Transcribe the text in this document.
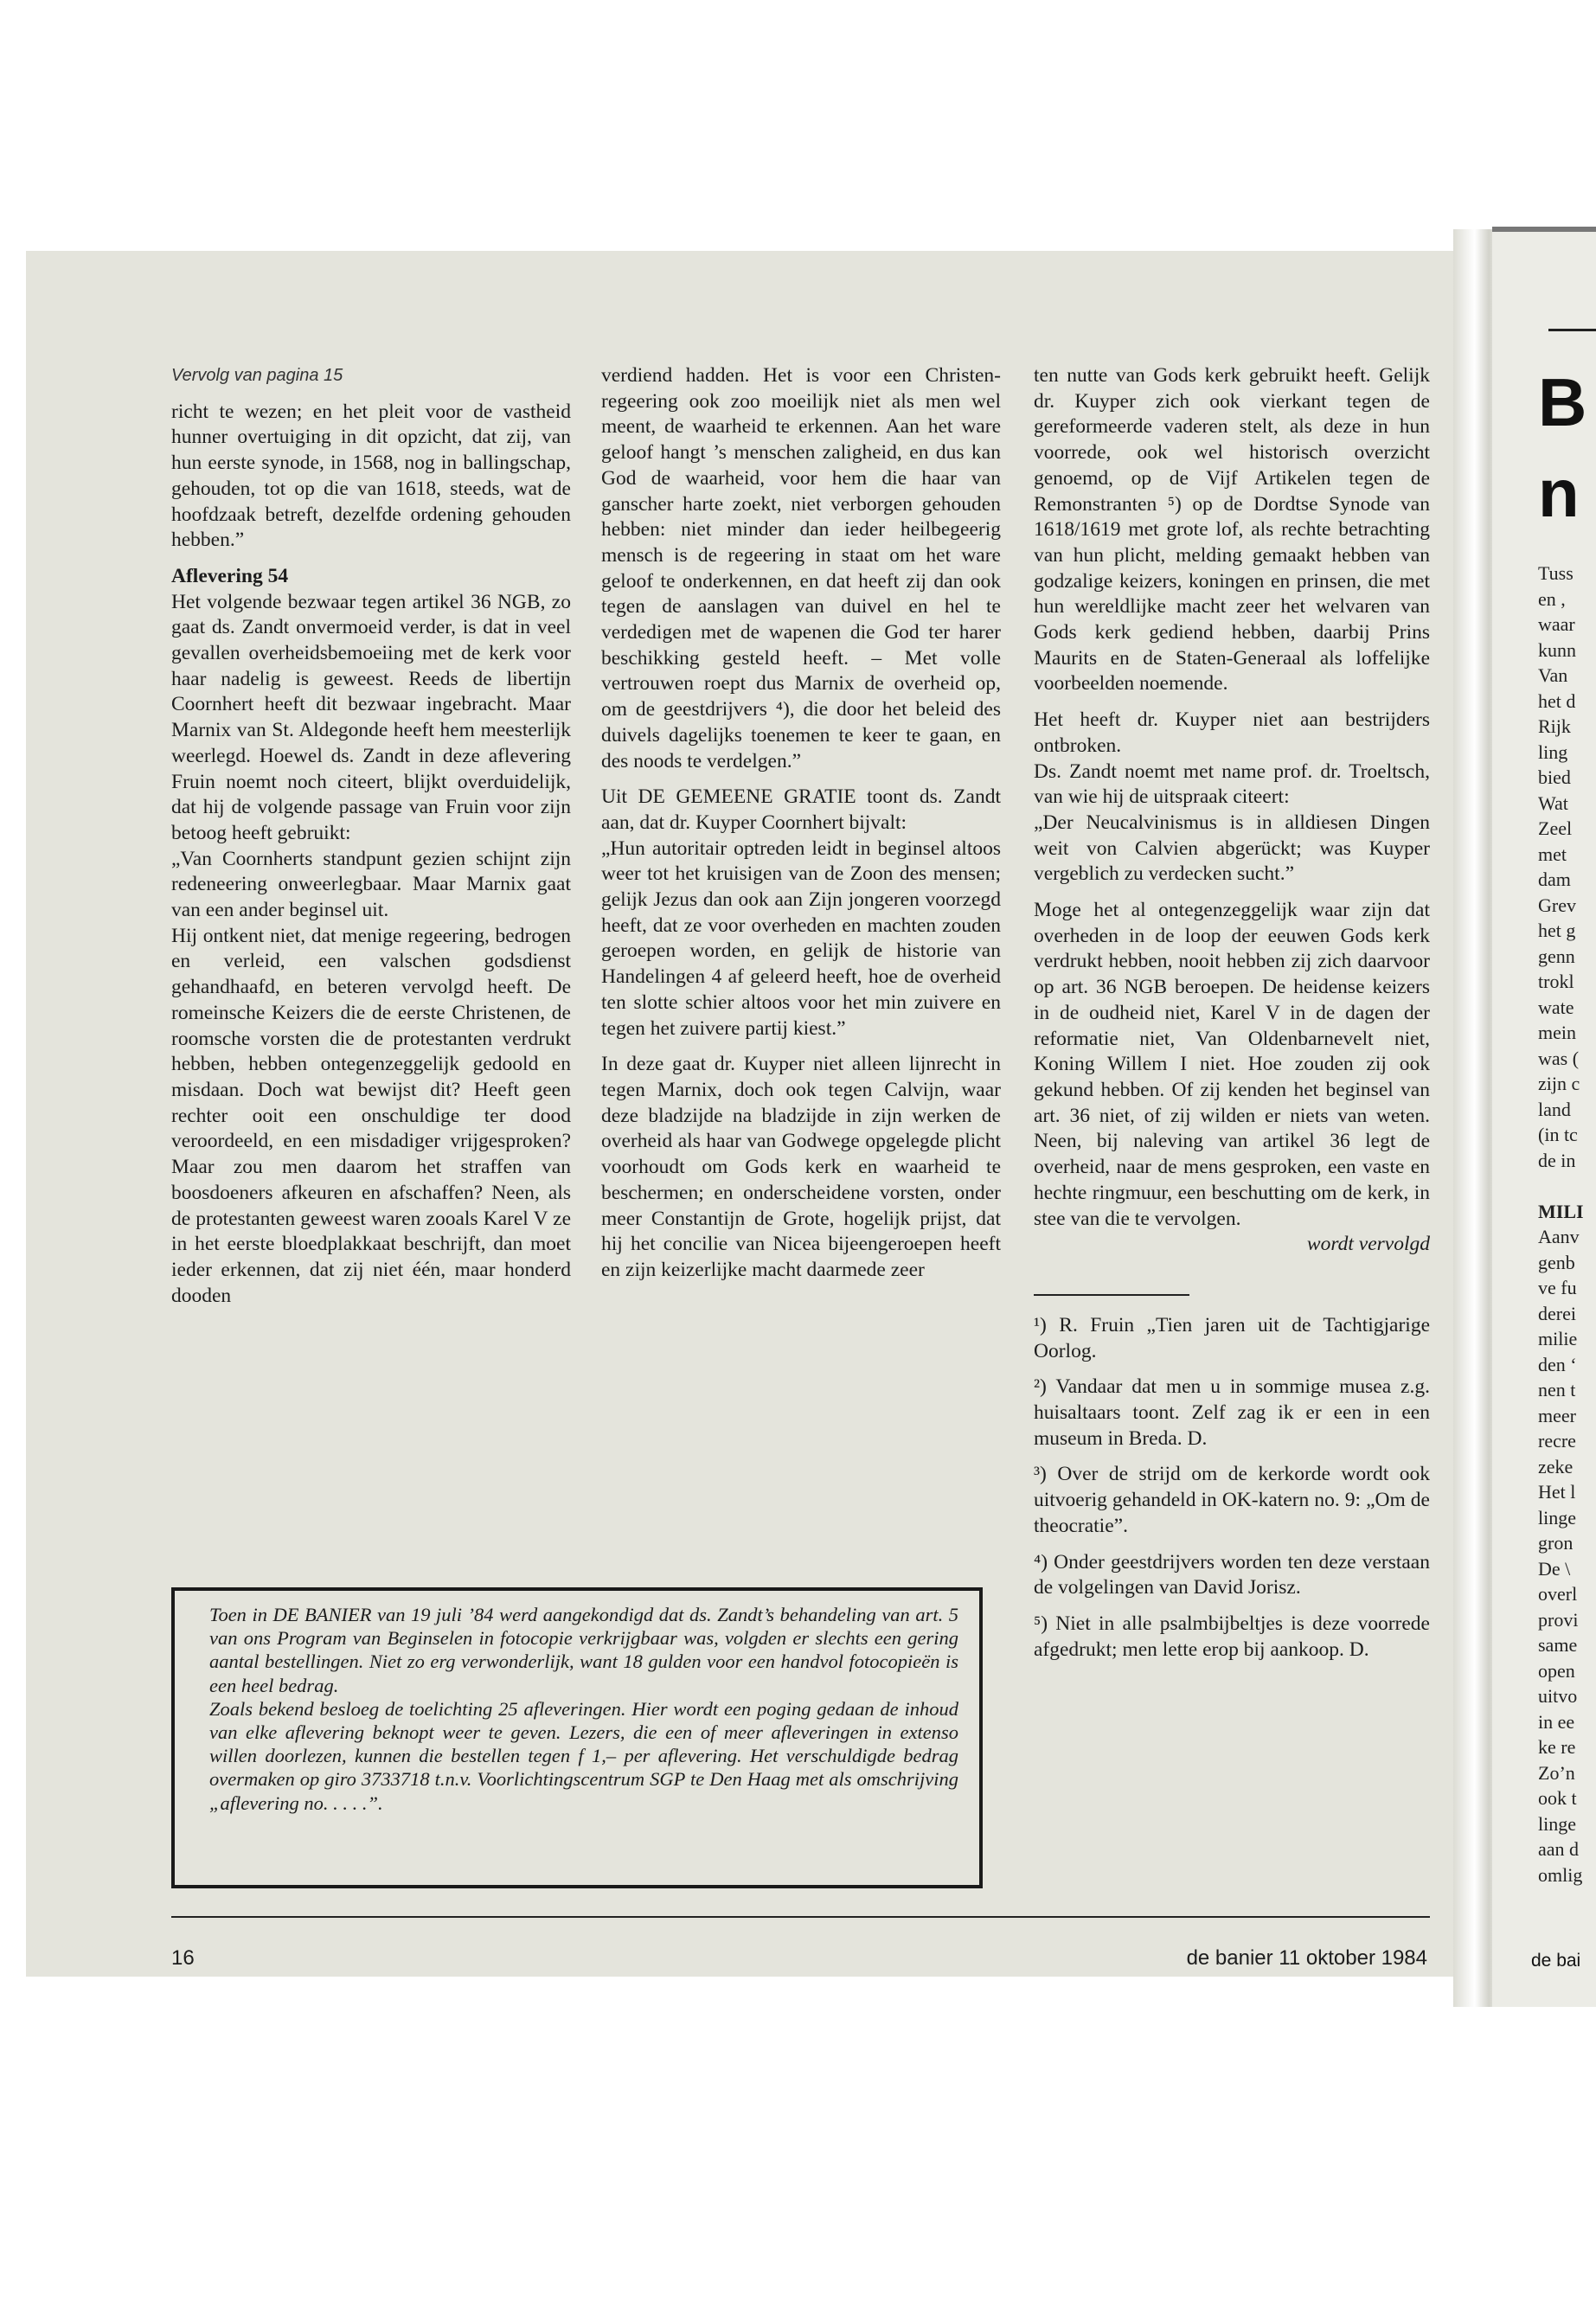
B
n
Tuss
en ,
waar
kunn
Van
het d
Rijk
ling
bied
Wat
Zeel
met
dam
Grev
het g
genn
trokl
wate
mein
was (
zijn c
land
(in tc
de in

MILI
Aanv
genb
ve fu
derei
milie
den ‘
nen t
meer
recre
zeke
Het l
linge
gron
De \
overl
provi
same
open
uitvo
in ee
ke re
Zo’n
ook t
linge
aan d
omlig
de bai

Vervolg van pagina 15

richt te wezen; en het pleit voor de vastheid hunner overtuiging in dit opzicht, dat zij, van hun eerste synode, in 1568, nog in ballingschap, gehouden, tot op die van 1618, steeds, wat de hoofdzaak betreft, dezelfde ordening gehouden hebben.”

Aflevering 54

Het volgende bezwaar tegen artikel 36 NGB, zo gaat ds. Zandt onvermoeid verder, is dat in veel gevallen overheidsbemoeiing met de kerk voor haar nadelig is geweest. Reeds de libertijn Coornhert heeft dit bezwaar ingebracht. Maar Marnix van St. Aldegonde heeft hem meesterlijk weerlegd. Hoewel ds. Zandt in deze aflevering Fruin noemt noch citeert, blijkt overduidelijk, dat hij de volgende passage van Fruin voor zijn betoog heeft gebruikt:

„Van Coornherts standpunt gezien schijnt zijn redeneering onweerlegbaar. Maar Marnix gaat van een ander beginsel uit.

Hij ontkent niet, dat menige regeering, bedrogen en verleid, een valschen godsdienst gehandhaafd, en beteren vervolgd heeft. De romeinsche Keizers die de eerste Christenen, de roomsche vorsten die de protestanten verdrukt hebben, hebben ontegenzeggelijk gedoold en misdaan. Doch wat bewijst dit? Heeft geen rechter ooit een onschuldige ter dood veroordeeld, en een misdadiger vrijgesproken? Maar zou men daarom het straffen van boosdoeners afkeuren en afschaffen? Neen, als de protestanten geweest waren zooals Karel V ze in het eerste bloedplakkaat beschrijft, dan moet ieder erkennen, dat zij niet één, maar honderd dooden

verdiend hadden. Het is voor een Christen-regeering ook zoo moeilijk niet als men wel meent, de waarheid te erkennen. Aan het ware geloof hangt ’s menschen zaligheid, en dus kan God de waarheid, voor hem die haar van ganscher harte zoekt, niet verborgen gehouden hebben: niet minder dan ieder heilbegeerig mensch is de regeering in staat om het ware geloof te onderkennen, en dat heeft zij dan ook tegen de aanslagen van duivel en hel te verdedigen met de wapenen die God ter harer beschikking gesteld heeft. – Met volle vertrouwen roept dus Marnix de overheid op, om de geestdrijvers ⁴), die door het beleid des duivels dagelijks toenemen te keer te gaan, en des noods te verdelgen.”

Uit DE GEMEENE GRATIE toont ds. Zandt aan, dat dr. Kuyper Coornhert bijvalt:

„Hun autoritair optreden leidt in beginsel altoos weer tot het kruisigen van de Zoon des mensen; gelijk Jezus dan ook aan Zijn jongeren voorzegd heeft, dat ze voor overheden en machten zouden geroepen worden, en gelijk de historie van Handelingen 4 af geleerd heeft, hoe de overheid ten slotte schier altoos voor het min zuivere en tegen het zuivere partij kiest.”

In deze gaat dr. Kuyper niet alleen lijnrecht in tegen Marnix, doch ook tegen Calvijn, waar deze bladzijde na bladzijde in zijn werken de overheid als haar van Godwege opgelegde plicht voorhoudt om Gods kerk en waarheid te beschermen; en onderscheidene vorsten, onder meer Constantijn de Grote, hogelijk prijst, dat hij het concilie van Nicea bijeengeroepen heeft en zijn keizerlijke macht daarmede zeer

ten nutte van Gods kerk gebruikt heeft. Gelijk dr. Kuyper zich ook vierkant tegen de gereformeerde vaderen stelt, als deze in hun voorrede, ook wel historisch overzicht genoemd, op de Vijf Artikelen tegen de Remonstranten ⁵) op de Dordtse Synode van 1618/1619 met grote lof, als rechte betrachting van hun plicht, melding gemaakt hebben van godzalige keizers, koningen en prinsen, die met hun wereldlijke macht zeer het welvaren van Gods kerk gediend hebben, daarbij Prins Maurits en de Staten-Generaal als loffelijke voorbeelden noemende.

Het heeft dr. Kuyper niet aan bestrijders ontbroken.

Ds. Zandt noemt met name prof. dr. Troeltsch, van wie hij de uitspraak citeert:

„Der Neucalvinismus is in alldiesen Dingen weit von Calvien abgerückt; was Kuyper vergeblich zu verdecken sucht.”

Moge het al ontegenzeggelijk waar zijn dat overheden in de loop der eeuwen Gods kerk verdrukt hebben, nooit hebben zij zich daarvoor op art. 36 NGB beroepen. De heidense keizers in de oudheid niet, Karel V in de dagen der reformatie niet, Van Oldenbarnevelt niet, Koning Willem I niet. Hoe zouden zij ook gekund hebben. Of zij kenden het beginsel van art. 36 niet, of zij wilden er niets van weten. Neen, bij naleving van artikel 36 legt de overheid, naar de mens gesproken, een vaste en hechte ringmuur, een beschutting om de kerk, in stee van die te vervolgen.

wordt vervolgd

¹) R. Fruin „Tien jaren uit de Tachtigjarige Oorlog.

²) Vandaar dat men u in sommige musea z.g. huisaltaars toont. Zelf zag ik er een in een museum in Breda. D.

³) Over de strijd om de kerkorde wordt ook uitvoerig gehandeld in OK-katern no. 9: „Om de theocratie”.

⁴) Onder geestdrijvers worden ten deze verstaan de volgelingen van David Jorisz.

⁵) Niet in alle psalmbijbeltjes is deze voorrede afgedrukt; men lette erop bij aankoop. D.

Toen in DE BANIER van 19 juli ’84 werd aangekondigd dat ds. Zandt’s behandeling van art. 5 van ons Program van Beginselen in fotocopie verkrijgbaar was, volgden er slechts een gering aantal bestellingen. Niet zo erg verwonderlijk, want 18 gulden voor een handvol fotocopieën is een heel bedrag.

Zoals bekend besloeg de toelichting 25 afleveringen. Hier wordt een poging gedaan de inhoud van elke aflevering beknopt weer te geven. Lezers, die een of meer afleveringen in extenso willen doorlezen, kunnen die bestellen tegen f 1,– per aflevering. Het verschuldigde bedrag overmaken op giro 3733718 t.n.v. Voorlichtingscentrum SGP te Den Haag met als omschrijving „aflevering no. . . . .”.

16	de banier 11 oktober 1984
